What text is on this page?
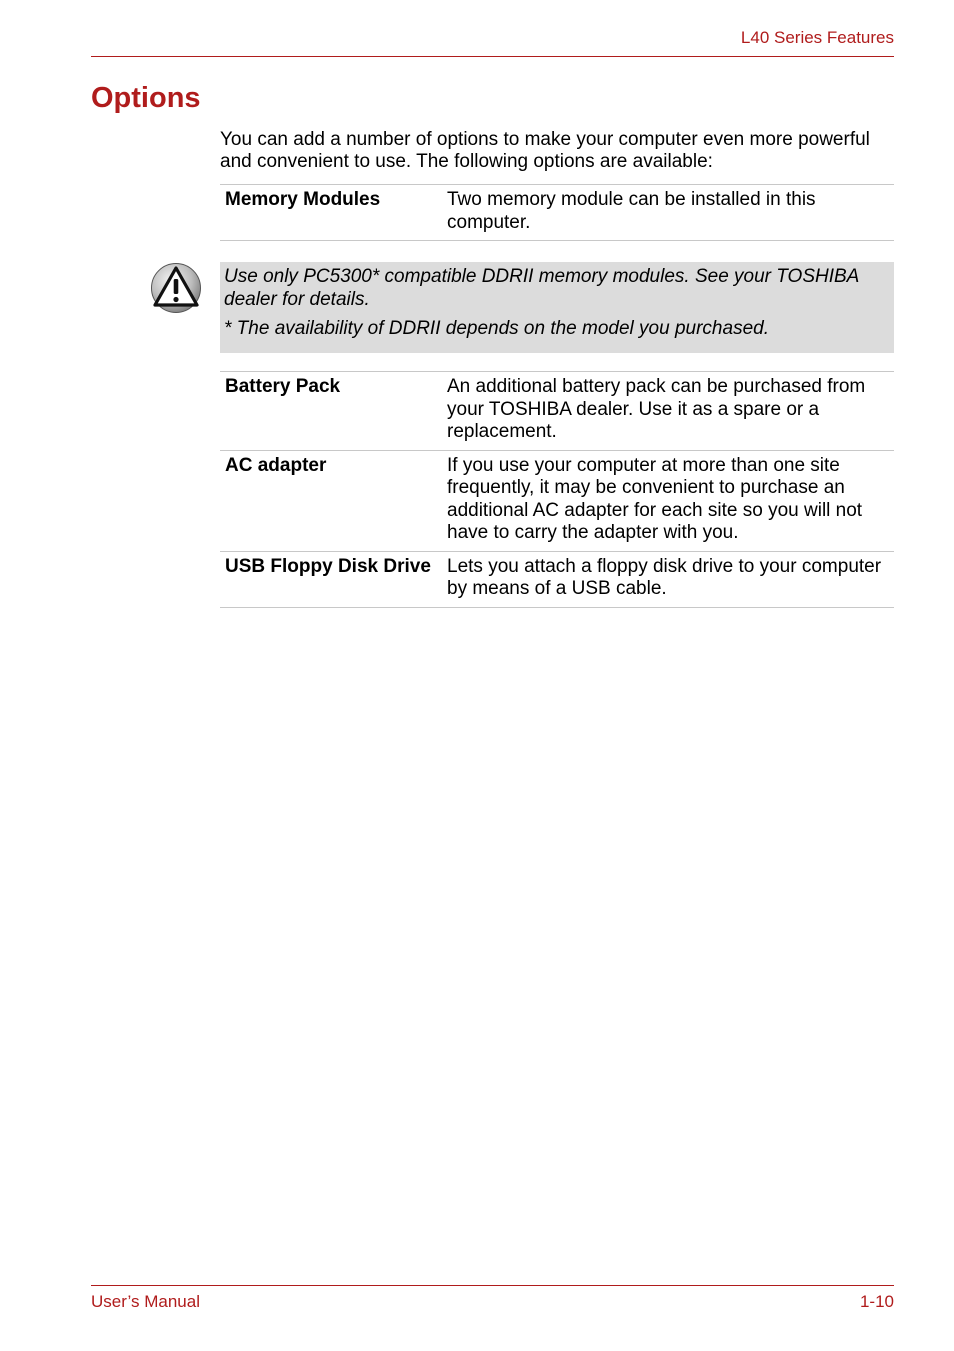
L40 Series Features
Options

You can add a number of options to make your computer even more powerful and convenient to use. The following options are available:

Memory Modules	Two memory module can be installed in this computer.

Use only PC5300* compatible DDRII memory modules. See your TOSHIBA dealer for details.

* The availability of DDRII depends on the model you purchased.

Battery Pack	An additional battery pack can be purchased from your TOSHIBA dealer. Use it as a spare or a replacement.
AC adapter	If you use your computer at more than one site frequently, it may be convenient to purchase an additional AC adapter for each site so you will not have to carry the adapter with you.
USB Floppy Disk Drive	Lets you attach a floppy disk drive to your computer by means of a USB cable.
User’s Manual	1-10
